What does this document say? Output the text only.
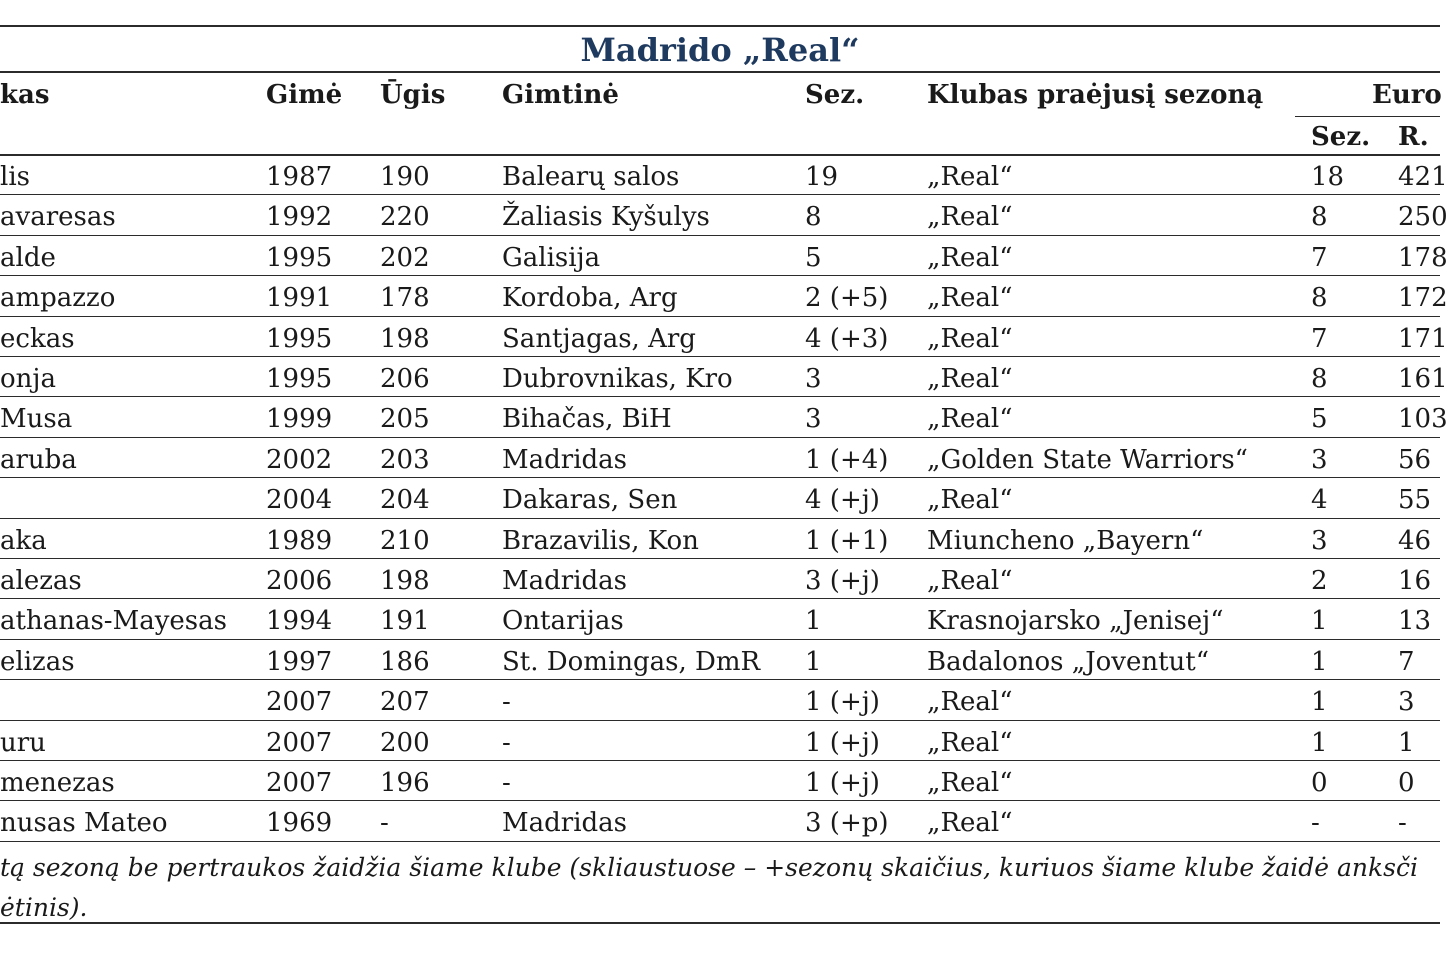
Madrido „Real“
kas	Gimė Ūgis Gimtinė	Sez. Klubas praėjusį sezoną	Euro
Sez. R.
lis	1987 190	Balearų salos	19	„Real“	18 421
avaresas	1992 220	Žaliasis Kyšulys	8	„Real“	8	250
alde	1995 202	Galisija	5	„Real“	7	178
ampazzo	1991 178	Kordoba, Arg	2 (+5) „Real“	8	172
eckas	1995 198	Santjagas, Arg	4 (+3) „Real“	7	171
onja	1995 206	Dubrovnikas, Kro	3	„Real“	8	161
Musa	1999 205	Bihačas, BiH	3	„Real“	5	103
aruba	2002 203	Madridas	1 (+4) „Golden State Warriors“ 3	56
2004 204	Dakaras, Sen	4 (+j) „Real“	4	55
aka	1989 210	Brazavilis, Kon	1 (+1) Miuncheno „Bayern“	3	46
alezas	2006 198	Madridas	3 (+j) „Real“	2	16
athanas-Mayesas 1994 191	Ontarijas	1	Krasnojarsko „Jenisej“	1	13
elizas	1997 186	St. Domingas, DmR 1	Badalonos „Joventut“	1	7
2007 207	-	1 (+j) „Real“	1	3
uru	2007 200	-	1 (+j) „Real“	1	1
menezas	2007 196	-	1 (+j) „Real“	0	0
nusas Mateo	1969 -	Madridas	3 (+p) „Real“	-	-
tą sezoną be pertraukos žaidžia šiame klube (skliaustuose – +sezonų skaičius, kuriuos šiame klube žaidė anksči
ėtinis).
